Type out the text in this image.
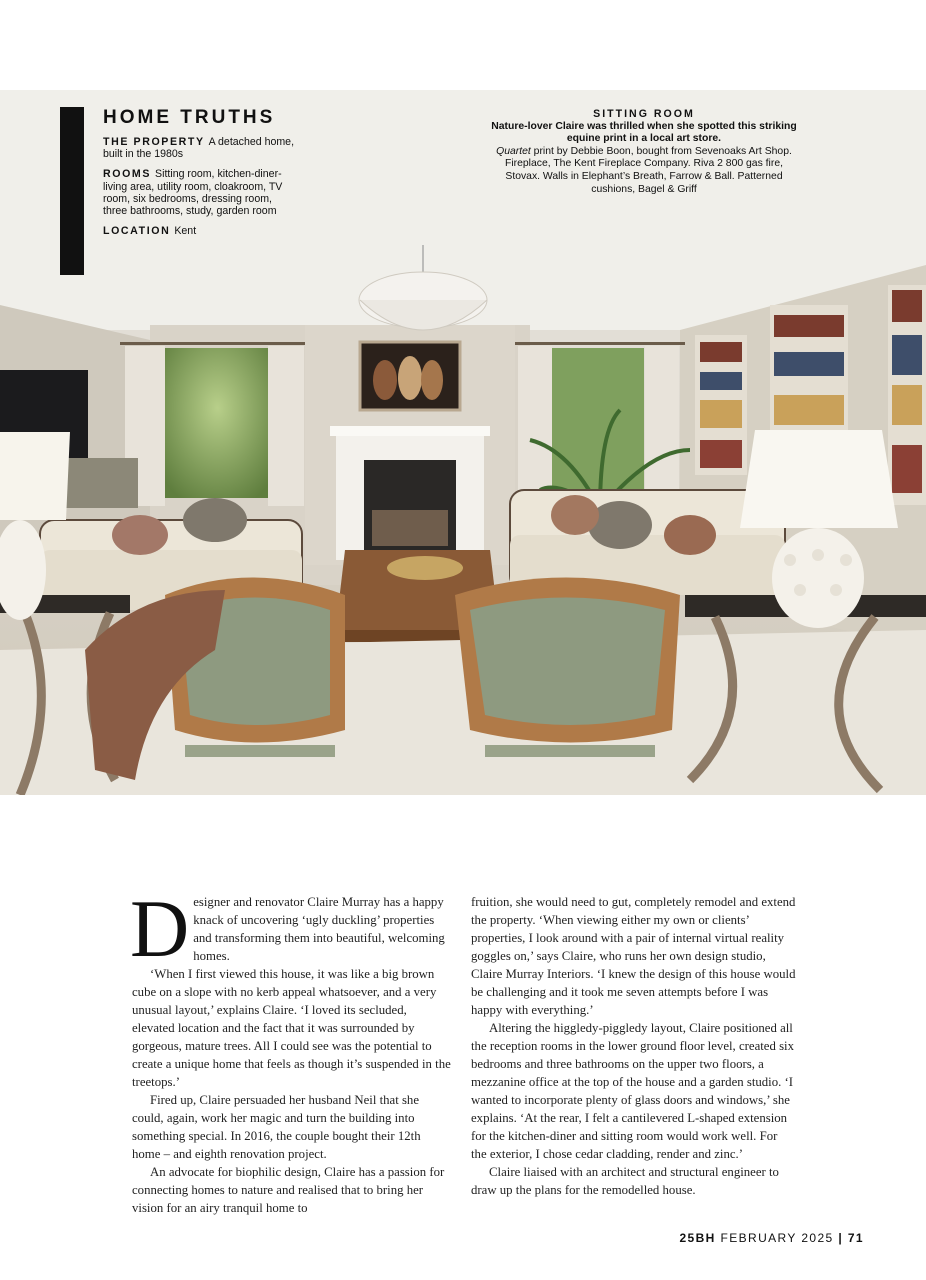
HOME TRUTHS
THE PROPERTY A detached home, built in the 1980s
ROOMS Sitting room, kitchen-diner-living area, utility room, cloakroom, TV room, six bedrooms, dressing room, three bathrooms, study, garden room
LOCATION Kent
SITTING ROOM
Nature-lover Claire was thrilled when she spotted this striking equine print in a local art store.
Quartet print by Debbie Boon, bought from Sevenoaks Art Shop. Fireplace, The Kent Fireplace Company. Riva 2 800 gas fire, Stovax. Walls in Elephant’s Breath, Farrow & Ball. Patterned cushions, Bagel & Griff

Designer and renovator Claire Murray has a happy knack of uncovering ‘ugly duckling’ properties and transforming them into beautiful, welcoming homes.

‘When I first viewed this house, it was like a big brown cube on a slope with no kerb appeal whatsoever, and a very unusual layout,’ explains Claire. ‘I loved its secluded, elevated location and the fact that it was surrounded by gorgeous, mature trees. All I could see was the potential to create a unique home that feels as though it’s suspended in the treetops.’

Fired up, Claire persuaded her husband Neil that she could, again, work her magic and turn the building into something special. In 2016, the couple bought their 12th home – and eighth renovation project.

An advocate for biophilic design, Claire has a passion for connecting homes to nature and realised that to bring her vision for an airy tranquil home to

fruition, she would need to gut, completely remodel and extend the property. ‘When viewing either my own or clients’ properties, I look around with a pair of internal virtual reality goggles on,’ says Claire, who runs her own design studio, Claire Murray Interiors. ‘I knew the design of this house would be challenging and it took me seven attempts before I was happy with everything.’

Altering the higgledy-piggledy layout, Claire positioned all the reception rooms in the lower ground floor level, created six bedrooms and three bathrooms on the upper two floors, a mezzanine office at the top of the house and a garden studio. ‘I wanted to incorporate plenty of glass doors and windows,’ she explains. ‘At the rear, I felt a cantilevered L-shaped extension for the kitchen-diner and sitting room would work well. For the exterior, I chose cedar cladding, render and zinc.’

Claire liaised with an architect and structural engineer to draw up the plans for the remodelled house.

25BH FEBRUARY 2025 | 71
